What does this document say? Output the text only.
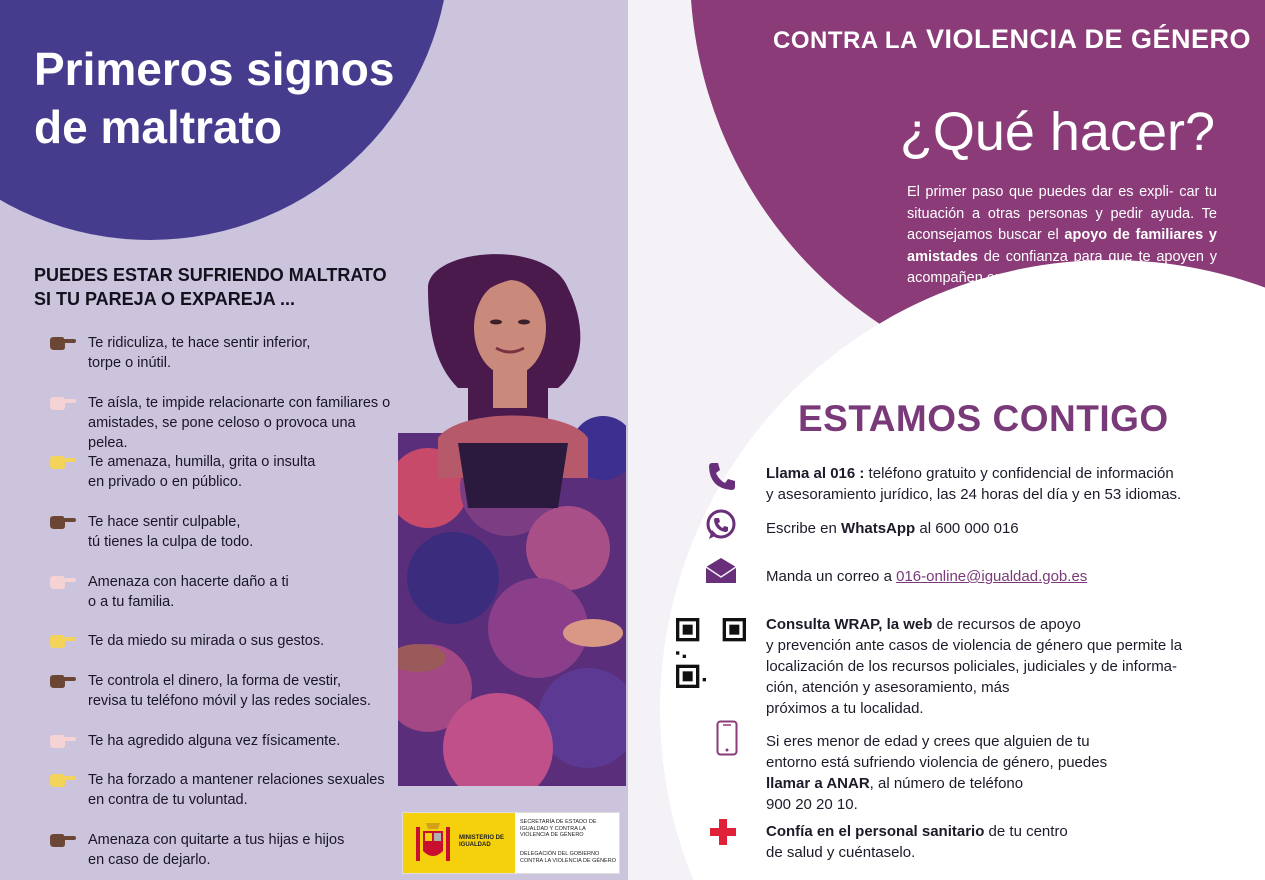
Primeros signos
de maltrato
PUEDES ESTAR SUFRIENDO MALTRATO
SI TU PAREJA O EXPAREJA ...
Te ridiculiza, te hace sentir inferior,
torpe o inútil.
Te aísla, te impide relacionarte con familiares o
amistades, se pone celoso o provoca una pelea.
Te amenaza, humilla, grita o insulta
en privado o en público.
Te hace sentir culpable,
tú tienes la culpa de todo.
Amenaza con hacerte daño a ti
o a tu familia.
Te da miedo su mirada o sus gestos.
Te controla el dinero, la forma de vestir,
revisa tu teléfono móvil y las redes sociales.
Te ha agredido alguna vez físicamente.
Te ha forzado a mantener relaciones sexuales
en contra de tu voluntad.
Amenaza con quitarte a tus hijas e hijos
en caso de dejarlo.
MINISTERIO DE IGUALDAD
SECRETARÍA DE ESTADO DE IGUALDAD Y CONTRA LA VIOLENCIA DE GÉNERO
DELEGACIÓN DEL GOBIERNO CONTRA LA VIOLENCIA DE GÉNERO
CONTRA LA VIOLENCIA DE GÉNERO
¿Qué hacer?
El primer paso que puedes dar es expli- car tu situación a otras personas y pedir ayuda. Te aconsejamos buscar el apoyo de familiares y amistades de confianza para que te apoyen y acompañen en estos
momentos difíciles.
ESTAMOS CONTIGO
Llama al 016 : teléfono gratuito y confidencial de información
y asesoramiento jurídico, las 24 horas del día y en 53 idiomas.
Escribe en WhatsApp al 600 000 016
Manda un correo a 016-online@igualdad.gob.es
Consulta WRAP, la web de recursos de apoyo
y prevención ante casos de violencia de género que permite la
localización de los recursos policiales, judiciales y de informa-
ción, atención y asesoramiento, más
próximos a tu localidad.
Si eres menor de edad y crees que alguien de tu
entorno está sufriendo violencia de género, puedes
llamar a ANAR, al número de teléfono
900 20 20 10.
Confía en el personal sanitario de tu centro
de salud y cuéntaselo.
